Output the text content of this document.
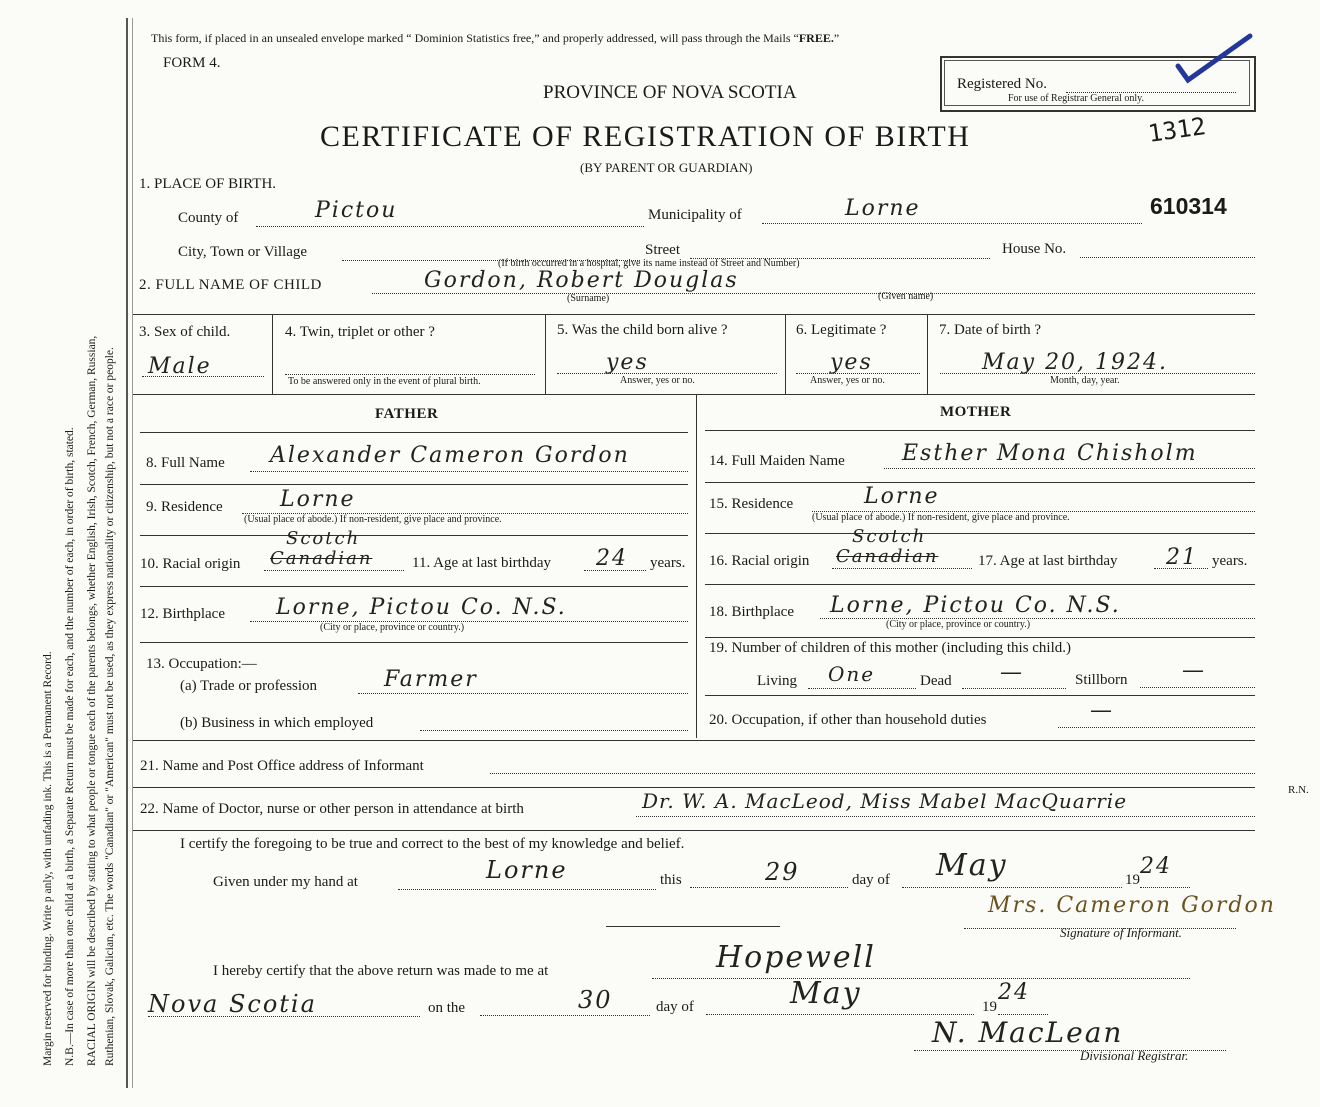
Margin reserved for binding. Write p anly, with unfading ink. This is a Permanent Record. N.B.—In case of more than one child at a birth, a Separate Return must be made for each, and the number of each, in order of birth, stated. RACIAL ORIGIN will be described by stating to what people or tongue each of the parents belongs, whether English, Irish, Scotch, French, German, Russian, Ruthenian, Slovak, Galician, etc. The words "Canadian" or "American" must not be used, as they express nationality or citizenship, but not a race or people.
This form, if placed in an unsealed envelope marked “ Dominion Statistics free,” and properly addressed, will pass through the Mails “FREE.”
FORM 4.
PROVINCE OF NOVA SCOTIA
CERTIFICATE OF REGISTRATION OF BIRTH
(BY PARENT OR GUARDIAN)
Registered No.
For use of Registrar General only.
1312
610314
1. PLACE OF BIRTH.
County of	Pictou	Municipality of	Lorne
City, Town or Village	Street	House No.
(If birth occurred in a hospital, give its name instead of Street and Number)
2. FULL NAME OF CHILD	Gordon, Robert Douglas
(Surname)	(Given name)
3. Sex of child.
Male
4. Twin, triplet or other ?
To be answered only in the event of plural birth.
5. Was the child born alive ?
yes
Answer, yes or no.
6. Legitimate ?
yes
Answer, yes or no.
7. Date of birth ?
May 20, 1924.
Month, day, year.
FATHER	MOTHER
8. Full Name Alexander Cameron Gordon
9. Residence	Lorne
(Usual place of abode.) If non-resident, give place and province.
10. Racial origin Canadian
Scotch
11. Age at last birthday 24 years.
12. Birthplace Lorne, Pictou Co. N.S.
(City or place, province or country.)
13. Occupation:—
(a) Trade or profession	Farmer
(b) Business in which employed
14. Full Maiden Name	Esther Mona Chisholm
15. Residence	Lorne
(Usual place of abode.) If non-resident, give place and province.
16. Racial origin Canadian
Scotch
17. Age at last birthday 21 years.
18. Birthplace Lorne, Pictou Co. N.S.
(City or place, province or country.)
19. Number of children of this mother (including this child.)
Living One	Dead —	Stillborn —
20. Occupation, if other than household duties	—
21. Name and Post Office address of Informant
22. Name of Doctor, nurse or other person in attendance at birth	Dr. W. A. MacLeod, Miss Mabel MacQuarrie	R.N.
I certify the foregoing to be true and correct to the best of my knowledge and belief.
Given under my hand at	Lorne	this	29	day of May	19
24
Mrs. Cameron Gordon
Signature of Informant.
I hereby certify that the above return was made to me at	Hopewell
Nova Scotia	on the	30	day of	May	19
24
N. MacLean
Divisional Registrar.
